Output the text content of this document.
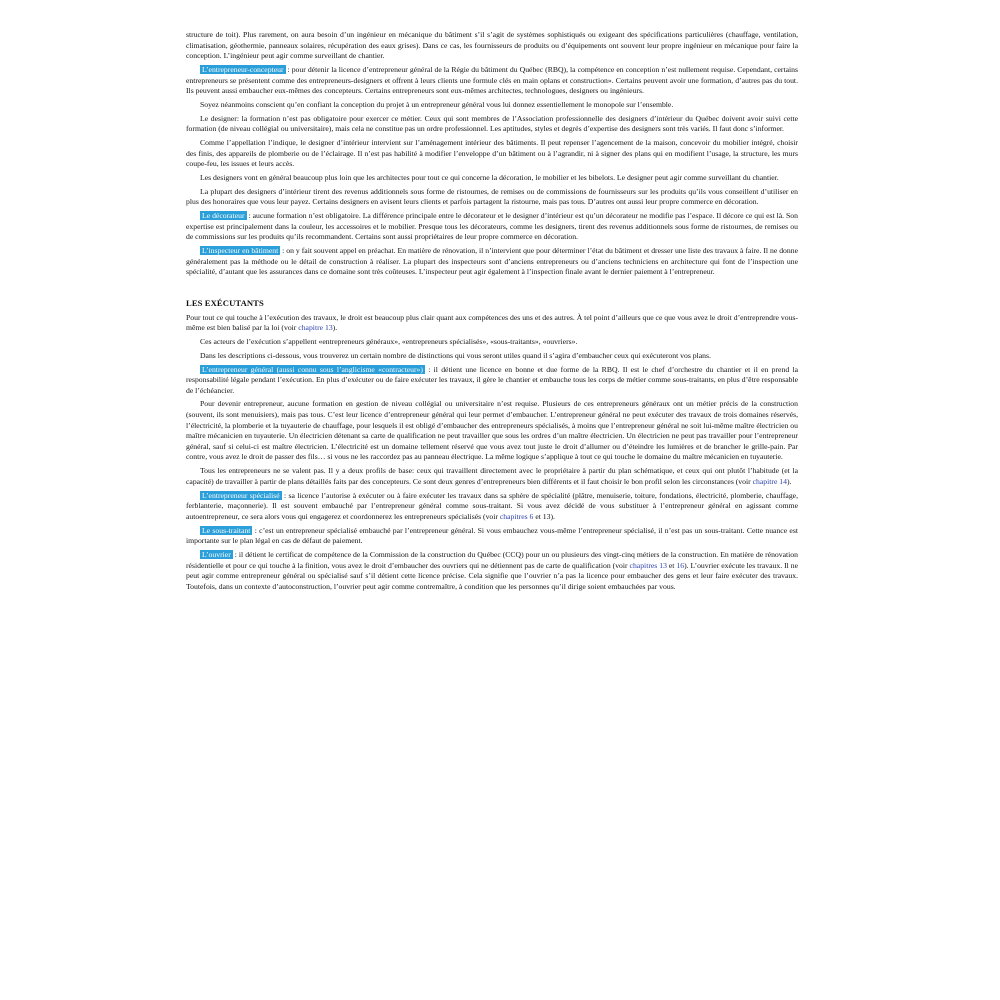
structure de toit). Plus rarement, on aura besoin d’un ingénieur en mécanique du bâtiment s’il s’agit de systèmes sophistiqués ou exigeant des spécifications particulières (chauffage, ventilation, climatisation, géothermie, panneaux solaires, récupération des eaux grises). Dans ce cas, les fournisseurs de produits ou d’équipements ont souvent leur propre ingénieur en mécanique pour faire la conception. L’ingénieur peut agir comme surveillant de chantier.

L’entrepreneur-concepteur : pour détenir la licence d’entrepreneur général de la Régie du bâtiment du Québec (RBQ), la compétence en conception n’est nullement requise. Cependant, certains entrepreneurs se présentent comme des entrepreneurs-designers et offrent à leurs clients une formule clés en main oplans et construction». Certains peuvent avoir une formation, d’autres pas du tout. Ils peuvent aussi embaucher eux-mêmes des concepteurs. Certains entrepreneurs sont eux-mêmes architectes, technologues, designers ou ingénieurs.

Soyez néanmoins conscient qu’en confiant la conception du projet à un entrepreneur général vous lui donnez essentiellement le monopole sur l’ensemble.

Le designer: la formation n’est pas obligatoire pour exercer ce métier. Ceux qui sont membres de l’Association professionnelle des designers d’intérieur du Québec doivent avoir suivi cette formation (de niveau collégial ou universitaire), mais cela ne constitue pas un ordre professionnel. Les aptitudes, styles et degrés d’expertise des designers sont très variés. Il faut donc s’informer.

Comme l’appellation l’indique, le designer d’intérieur intervient sur l’aménagement intérieur des bâtiments. Il peut repenser l’agencement de la maison, concevoir du mobilier intégré, choisir des finis, des appareils de plomberie ou de l’éclairage. Il n’est pas habilité à modifier l’enveloppe d’un bâtiment ou à l’agrandir, ni à signer des plans qui en modifient l’usage, la structure, les murs coupe-feu, les issues et leurs accès.

Les designers vont en général beaucoup plus loin que les architectes pour tout ce qui concerne la décoration, le mobilier et les bibelots. Le designer peut agir comme surveillant du chantier.

La plupart des designers d’intérieur tirent des revenus additionnels sous forme de ristournes, de remises ou de commissions de fournisseurs sur les produits qu’ils vous conseillent d’utiliser en plus des honoraires que vous leur payez. Certains designers en avisent leurs clients et parfois partagent la ristourne, mais pas tous. D’autres ont aussi leur propre commerce en décoration.

Le décorateur : aucune formation n’est obligatoire. La différence principale entre le décorateur et le designer d’intérieur est qu’un décorateur ne modifie pas l’espace. Il décore ce qui est là. Son expertise est principalement dans la couleur, les accessoires et le mobilier. Presque tous les décorateurs, comme les designers, tirent des revenus additionnels sous forme de ristournes, de remises ou de commissions sur les produits qu’ils recommandent. Certains sont aussi propriétaires de leur propre commerce en décoration.

L’inspecteur en bâtiment : on y fait souvent appel en préachat. En matière de rénovation, il n’intervient que pour déterminer l’état du bâtiment et dresser une liste des travaux à faire. Il ne donne généralement pas la méthode ou le détail de construction à réaliser. La plupart des inspecteurs sont d’anciens entrepreneurs ou d’anciens techniciens en architecture qui font de l’inspection une spécialité, d’autant que les assurances dans ce domaine sont très coûteuses. L’inspecteur peut agir également à l’inspection finale avant le dernier paiement à l’entrepreneur.

LES EXÉCUTANTS

Pour tout ce qui touche à l’exécution des travaux, le droit est beaucoup plus clair quant aux compétences des uns et des autres. À tel point d’ailleurs que ce que vous avez le droit d’entreprendre vous-même est bien balisé par la loi (voir chapitre 13).

Ces acteurs de l’exécution s’appellent «entrepreneurs généraux», «entrepreneurs spécialisés», «sous-traitants», «ouvriers».

Dans les descriptions ci-dessous, vous trouverez un certain nombre de distinctions qui vous seront utiles quand il s’agira d’embaucher ceux qui exécuteront vos plans.

L’entrepreneur général (aussi connu sous l’anglicisme «contracteur») : il détient une licence en bonne et due forme de la RBQ. Il est le chef d’orchestre du chantier et il en prend la responsabilité légale pendant l’exécution. En plus d’exécuter ou de faire exécuter les travaux, il gère le chantier et embauche tous les corps de métier comme sous-traitants, en plus d’être responsable de l’échéancier.

Pour devenir entrepreneur, aucune formation en gestion de niveau collégial ou universitaire n’est requise. Plusieurs de ces entrepreneurs généraux ont un métier précis de la construction (souvent, ils sont menuisiers), mais pas tous. C’est leur licence d’entrepreneur général qui leur permet d’embaucher. L’entrepreneur général ne peut exécuter des travaux de trois domaines réservés, l’électricité, la plomberie et la tuyauterie de chauffage, pour lesquels il est obligé d’embaucher des entrepreneurs spécialisés, à moins que l’entrepreneur général ne soit lui-même maître électricien ou maître mécanicien en tuyauterie. Un électricien détenant sa carte de qualification ne peut travailler que sous les ordres d’un maître électricien. Un électricien ne peut pas travailler pour l’entrepreneur général, sauf si celui-ci est maître électricien. L’électricité est un domaine tellement réservé que vous avez tout juste le droit d’allumer ou d’éteindre les lumières et de brancher le grille-pain. Par contre, vous avez le droit de passer des fils… si vous ne les raccordez pas au panneau électrique. La même logique s’applique à tout ce qui touche le domaine du maître mécanicien en tuyauterie.

Tous les entrepreneurs ne se valent pas. Il y a deux profils de base: ceux qui travaillent directement avec le propriétaire à partir du plan schématique, et ceux qui ont plutôt l’habitude (et la capacité) de travailler à partir de plans détaillés faits par des concepteurs. Ce sont deux genres d’entrepreneurs bien différents et il faut choisir le bon profil selon les circonstances (voir chapitre 14).

L’entrepreneur spécialisé : sa licence l’autorise à exécuter ou à faire exécuter les travaux dans sa sphère de spécialité (plâtre, menuiserie, toiture, fondations, électricité, plomberie, chauffage, ferblanterie, maçonnerie). Il est souvent embauché par l’entrepreneur général comme sous-traitant. Si vous avez décidé de vous substituer à l’entrepreneur général en agissant comme autoentrepreneur, ce sera alors vous qui engagerez et coordonnerez les entrepreneurs spécialisés (voir chapitres 6 et 13).

Le sous-traitant : c’est un entrepreneur spécialisé embauché par l’entrepreneur général. Si vous embauchez vous-même l’entrepreneur spécialisé, il n’est pas un sous-traitant. Cette nuance est importante sur le plan légal en cas de défaut de paiement.

L’ouvrier : il détient le certificat de compétence de la Commission de la construction du Québec (CCQ) pour un ou plusieurs des vingt-cinq métiers de la construction. En matière de rénovation résidentielle et pour ce qui touche à la finition, vous avez le droit d’embaucher des ouvriers qui ne détiennent pas de carte de qualification (voir chapitres 13 et 16). L’ouvrier exécute les travaux. Il ne peut agir comme entrepreneur général ou spécialisé sauf s’il détient cette licence précise. Cela signifie que l’ouvrier n’a pas la licence pour embaucher des gens et leur faire exécuter des travaux. Toutefois, dans un contexte d’autoconstruction, l’ouvrier peut agir comme contremaître, à condition que les personnes qu’il dirige soient embauchées par vous.
